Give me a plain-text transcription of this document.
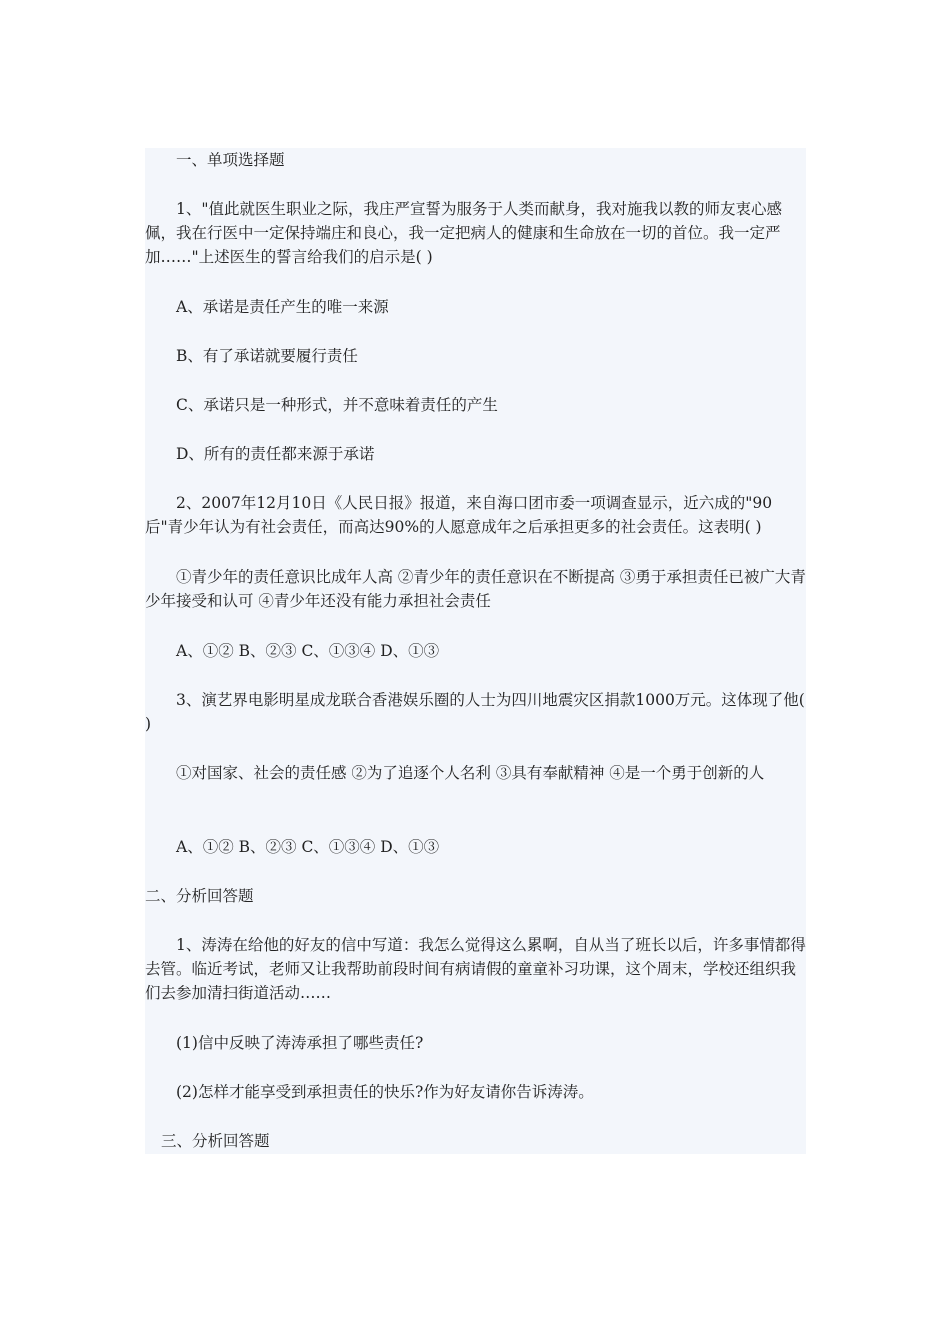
一、单项选择题

1、"值此就医生职业之际，我庄严宣誓为服务于人类而献身，我对施我以教的师友衷心感佩，我在行医中一定保持端庄和良心，我一定把病人的健康和生命放在一切的首位。我一定严加……"上述医生的誓言给我们的启示是( )

A、承诺是责任产生的唯一来源

B、有了承诺就要履行责任

C、承诺只是一种形式，并不意味着责任的产生

D、所有的责任都来源于承诺

2、2007年12月10日《人民日报》报道，来自海口团市委一项调查显示，近六成的"90后"青少年认为有社会责任，而高达90%的人愿意成年之后承担更多的社会责任。这表明( )

①青少年的责任意识比成年人高 ②青少年的责任意识在不断提高 ③勇于承担责任已被广大青少年接受和认可 ④青少年还没有能力承担社会责任

A、①② B、②③ C、①③④ D、①③

3、演艺界电影明星成龙联合香港娱乐圈的人士为四川地震灾区捐款1000万元。这体现了他( )

①对国家、社会的责任感 ②为了追逐个人名利 ③具有奉献精神 ④是一个勇于创新的人

A、①② B、②③ C、①③④ D、①③

二、分析回答题

1、涛涛在给他的好友的信中写道：我怎么觉得这么累啊，自从当了班长以后，许多事情都得去管。临近考试，老师又让我帮助前段时间有病请假的童童补习功课，这个周末，学校还组织我们去参加清扫街道活动……

(1)信中反映了涛涛承担了哪些责任?

(2)怎样才能享受到承担责任的快乐?作为好友请你告诉涛涛。

三、分析回答题
